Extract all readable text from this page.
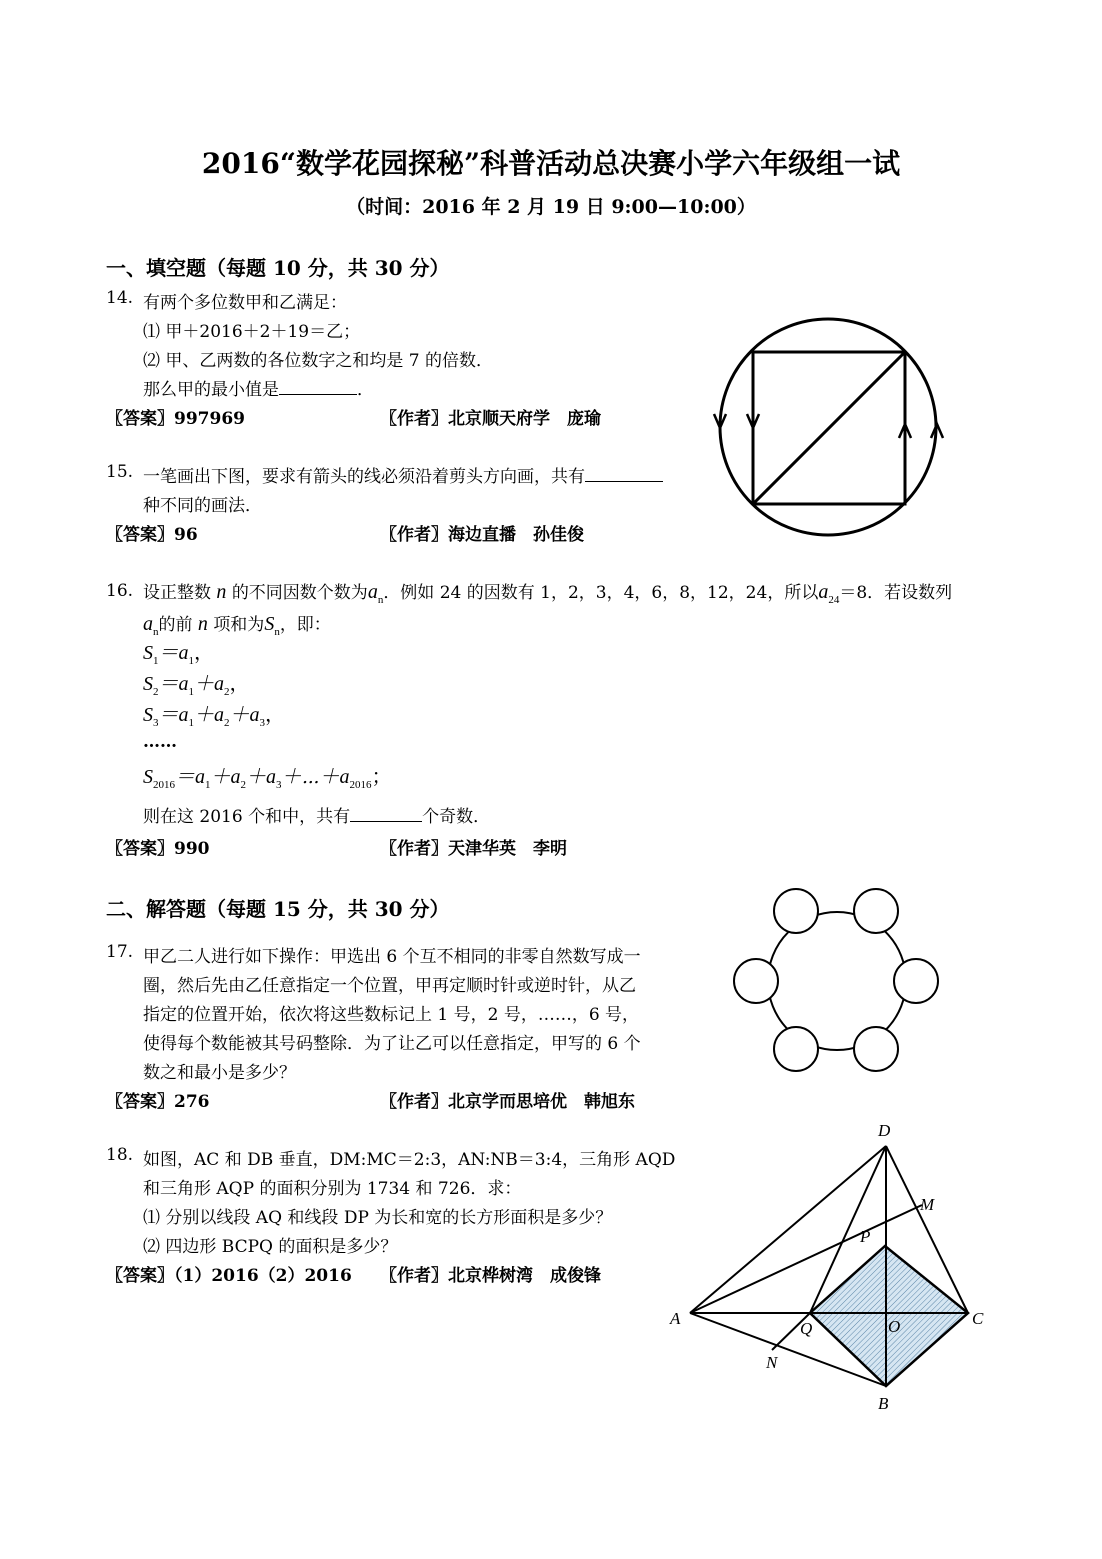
2016“数学花园探秘”科普活动总决赛小学六年级组一试
（时间：2016 年 2 月 19 日 9:00—10:00）
一、填空题（每题 10 分，共 30 分）
14. 有两个多位数甲和乙满足：
⑴ 甲＋2016＋2＋19＝乙；
⑵ 甲、乙两数的各位数字之和均是 7 的倍数．
那么甲的最小值是	．
〖答案〗997969	〖作者〗北京顺天府学　庞瑜
15. 一笔画出下图，要求有箭头的线必须沿着剪头方向画，共有
种不同的画法．
〖答案〗96	〖作者〗海边直播　孙佳俊
16. 设正整数 n 的不同因数个数为$a_n$．例如 24 的因数有 1，2，3，4，6，8，12，24，所以$a_{24}=8$．若设数列
$a_n$的前 n 项和为$S_n$，即：
$S_1=a_1$，
$S_2=a_1+a_2$，
$S_3=a_1+a_2+a_3$，
……
$S_{2016}=a_1+a_2+a_3+\cdots+a_{2016}$；
则在这 2016 个和中，共有	个奇数．
〖答案〗990	〖作者〗天津华英　李明
二、解答题（每题 15 分，共 30 分）
17. 甲乙二人进行如下操作：甲选出 6 个互不相同的非零自然数写成一
圈，然后先由乙任意指定一个位置，甲再定顺时针或逆时针，从乙
指定的位置开始，依次将这些数标记上 1 号，2 号，……，6 号，
使得每个数能被其号码整除．为了让乙可以任意指定，甲写的 6 个
数之和最小是多少？
〖答案〗276	〖作者〗北京学而思培优　韩旭东
18. 如图，AC 和 DB 垂直，DM:MC＝2:3，AN:NB＝3:4，三角形 AQD
和三角形 AQP 的面积分别为 1734 和 726．求：
⑴ 分别以线段 AQ 和线段 DP 为长和宽的长方形面积是多少？
⑵ 四边形 BCPQ 的面积是多少？
〖答案〗（1）2016（2）2016 〖作者〗北京桦树湾　成俊锋
D
M
P
A
Q	O	C
N
B
